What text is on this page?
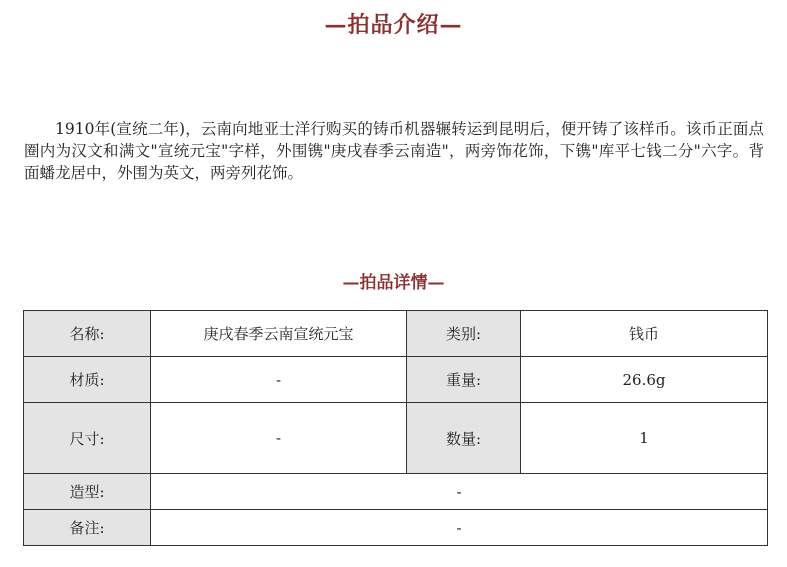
—拍品介绍—
1910年(宣统二年)，云南向地亚士洋行购买的铸币机器辗转运到昆明后，便开铸了该样币。该币正面点圈内为汉文和满文"宣统元宝"字样，外围镌"庚戌春季云南造"，两旁饰花饰，下镌"库平七钱二分"六字。背面蟠龙居中，外围为英文，两旁列花饰。
—拍品详情—
名称:	庚戌春季云南宣统元宝	类别:	钱币
材质:	-	重量:	26.6g
尺寸:	-	数量:	1
造型:	-		
备注:	-		
